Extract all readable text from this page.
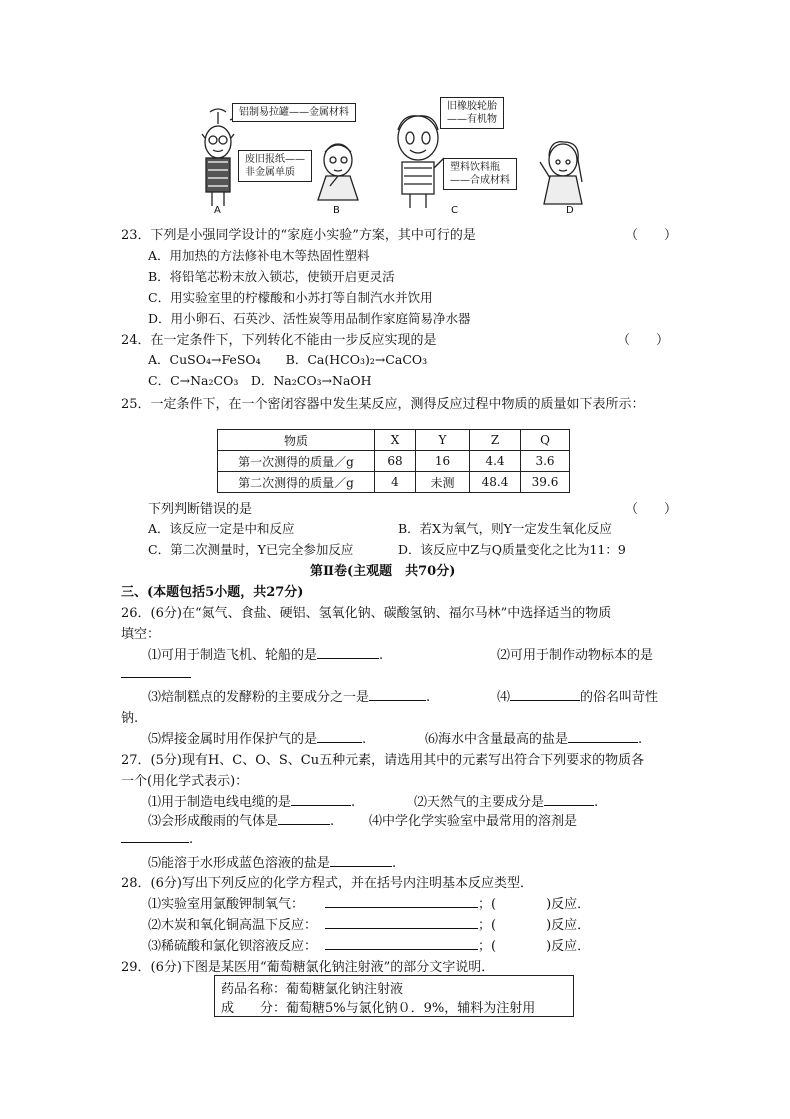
铝制易拉罐——金属材料
废旧报纸——
非金属单质
旧橡胶轮胎
——有机物
塑料饮料瓶
——合成材料
A	B	C	D
23．下列是小强同学设计的“家庭小实验”方案，其中可行的是	（　　）
A．用加热的方法修补电木等热固性塑料
B．将铅笔芯粉末放入锁芯，使锁开启更灵活
C．用实验室里的柠檬酸和小苏打等自制汽水并饮用
D．用小卵石、石英沙、活性炭等用品制作家庭简易净水器
24．在一定条件下，下列转化不能由一步反应实现的是	（　　）
A．CuSO₄→FeSO₄　　B．Ca(HCO₃)₂→CaCO₃
C．C→Na₂CO₃　D．Na₂CO₃→NaOH
25．一定条件下，在一个密闭容器中发生某反应，测得反应过程中物质的质量如下表所示：
物质	X	Y	Z	Q
第一次测得的质量／g	68	16	4.4	3.6
第二次测得的质量／g	4	未测	48.4	39.6
下列判断错误的是	（　　）
A．该反应一定是中和反应	B．若X为氧气，则Y一定发生氧化反应
C．第二次测量时，Y已完全参加反应	D．该反应中Z与Q质量变化之比为11：9
第Ⅱ卷(主观题　共70分)
三、(本题包括5小题，共27分)
26．(6分)在“氮气、食盐、硬铝、氢氧化钠、碳酸氢钠、福尔马林”中选择适当的物质
填空：
⑴可用于制造飞机、轮船的是	.	⑵可用于制作动物标本的是
⑶焙制糕点的发酵粉的主要成分之一是	.	⑷	的俗名叫苛性
钠.
⑸焊接金属时用作保护气的是	.	⑹海水中含量最高的盐是	.
27．(5分)现有H、C、O、S、Cu五种元素，请选用其中的元素写出符合下列要求的物质各
一个(用化学式表示)：
⑴用于制造电线电缆的是	.	⑵天然气的主要成分是	.
⑶会形成酸雨的气体是	.	⑷中学化学实验室中最常用的溶剂是
.
⑸能溶于水形成蓝色溶液的盐是	.
28．(6分)写出下列反应的化学方程式，并在括号内注明基本反应类型．
⑴实验室用氯酸钾制氧气：
⑵木炭和氧化铜高温下反应：
⑶稀硫酸和氯化钡溶液反应：
；(	)反应．
；(	)反应．
；(	)反应．
29．(6分)下图是某医用“葡萄糖氯化钠注射液”的部分文字说明．
药品名称：葡萄糖氯化钠注射液
成　　分：葡萄糖5%与氯化钠０．9%，辅料为注射用
